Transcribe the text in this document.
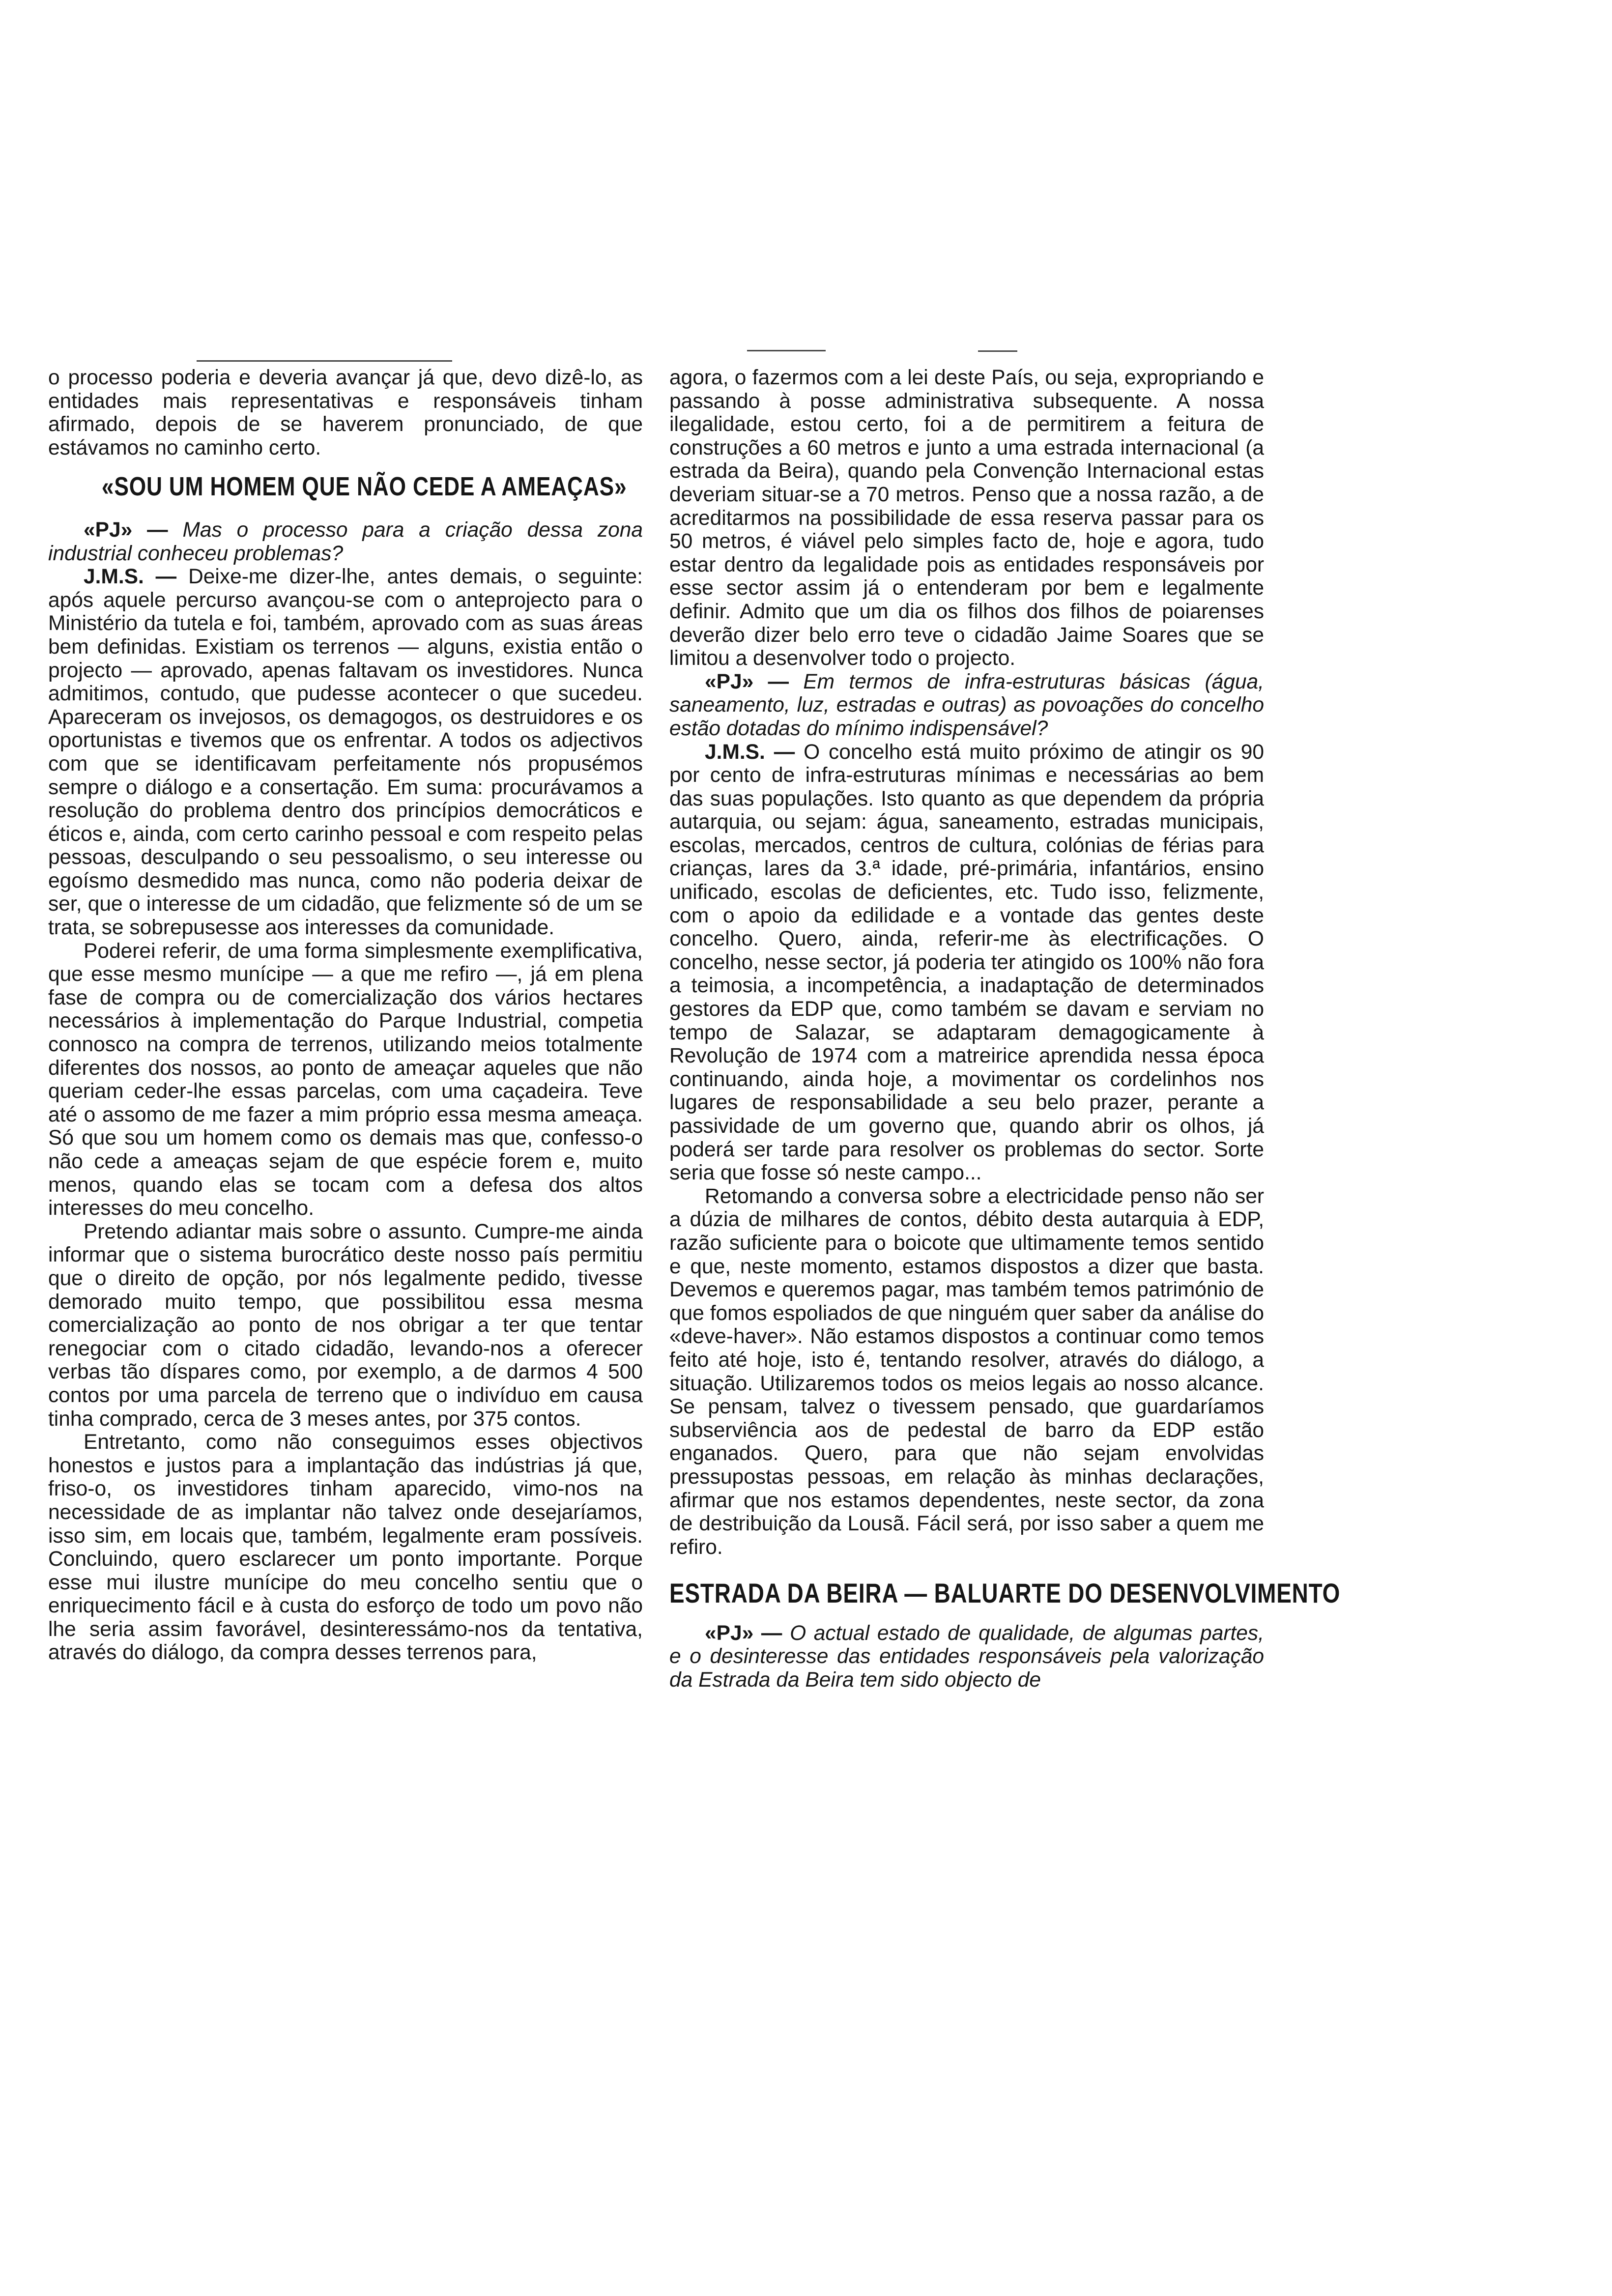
o processo poderia e deveria avançar já que, devo dizê-lo, as entidades mais representativas e responsáveis tinham afirmado, depois de se haverem pronunciado, de que estávamos no caminho certo.

«SOU UM HOMEM QUE NÃO CEDE A AMEAÇAS»

«PJ» — Mas o processo para a criação dessa zona industrial conheceu problemas?

J.M.S. — Deixe-me dizer-lhe, antes demais, o seguinte: após aquele percurso avançou-se com o anteprojecto para o Ministério da tutela e foi, também, aprovado com as suas áreas bem definidas. Existiam os terrenos — alguns, existia então o projecto — aprovado, apenas faltavam os investidores. Nunca admitimos, contudo, que pudesse acontecer o que sucedeu. Apareceram os invejosos, os demagogos, os destruidores e os oportunistas e tivemos que os enfrentar. A todos os adjectivos com que se identificavam perfeitamente nós propusémos sempre o diálogo e a consertação. Em suma: procurávamos a resolução do problema dentro dos princípios democráticos e éticos e, ainda, com certo carinho pessoal e com respeito pelas pessoas, desculpando o seu pessoalismo, o seu interesse ou egoísmo desmedido mas nunca, como não poderia deixar de ser, que o interesse de um cidadão, que felizmente só de um se trata, se sobrepusesse aos interesses da comunidade.

Poderei referir, de uma forma simplesmente exemplificativa, que esse mesmo munícipe — a que me refiro —, já em plena fase de compra ou de comercialização dos vários hectares necessários à implementação do Parque Industrial, competia connosco na compra de terrenos, utilizando meios totalmente diferentes dos nossos, ao ponto de ameaçar aqueles que não queriam ceder-lhe essas parcelas, com uma caçadeira. Teve até o assomo de me fazer a mim próprio essa mesma ameaça. Só que sou um homem como os demais mas que, confesso-o não cede a ameaças sejam de que espécie forem e, muito menos, quando elas se tocam com a defesa dos altos interesses do meu concelho.

Pretendo adiantar mais sobre o assunto. Cumpre-me ainda informar que o sistema burocrático deste nosso país permitiu que o direito de opção, por nós legalmente pedido, tivesse demorado muito tempo, que possibilitou essa mesma comercialização ao ponto de nos obrigar a ter que tentar renegociar com o citado cidadão, levando-nos a oferecer verbas tão díspares como, por exemplo, a de darmos 4 500 contos por uma parcela de terreno que o indivíduo em causa tinha comprado, cerca de 3 meses antes, por 375 contos.

Entretanto, como não conseguimos esses objectivos honestos e justos para a implantação das indústrias já que, friso-o, os investidores tinham aparecido, vimo-nos na necessidade de as implantar não talvez onde desejaríamos, isso sim, em locais que, também, legalmente eram possíveis. Concluindo, quero esclarecer um ponto importante. Porque esse mui ilustre munícipe do meu concelho sentiu que o enriquecimento fácil e à custa do esforço de todo um povo não lhe seria assim favorável, desinteressámo-nos da tentativa, através do diálogo, da compra desses terrenos para,

agora, o fazermos com a lei deste País, ou seja, expropriando e passando à posse administrativa subsequente. A nossa ilegalidade, estou certo, foi a de permitirem a feitura de construções a 60 metros e junto a uma estrada internacional (a estrada da Beira), quando pela Convenção Internacional estas deveriam situar-se a 70 metros. Penso que a nossa razão, a de acreditarmos na possibilidade de essa reserva passar para os 50 metros, é viável pelo simples facto de, hoje e agora, tudo estar dentro da legalidade pois as entidades responsáveis por esse sector assim já o entenderam por bem e legalmente definir. Admito que um dia os filhos dos filhos de poiarenses deverão dizer belo erro teve o cidadão Jaime Soares que se limitou a desenvolver todo o projecto.

«PJ» — Em termos de infra-estruturas básicas (água, saneamento, luz, estradas e outras) as povoações do concelho estão dotadas do mínimo indispensável?

J.M.S. — O concelho está muito próximo de atingir os 90 por cento de infra-estruturas mínimas e necessárias ao bem das suas populações. Isto quanto as que dependem da própria autarquia, ou sejam: água, saneamento, estradas municipais, escolas, mercados, centros de cultura, colónias de férias para crianças, lares da 3.ª idade, pré-primária, infantários, ensino unificado, escolas de deficientes, etc. Tudo isso, felizmente, com o apoio da edilidade e a vontade das gentes deste concelho. Quero, ainda, referir-me às electrificações. O concelho, nesse sector, já poderia ter atingido os 100% não fora a teimosia, a incompetência, a inadaptação de determinados gestores da EDP que, como também se davam e serviam no tempo de Salazar, se adaptaram demagogicamente à Revolução de 1974 com a matreirice aprendida nessa época continuando, ainda hoje, a movimentar os cordelinhos nos lugares de responsabilidade a seu belo prazer, perante a passividade de um governo que, quando abrir os olhos, já poderá ser tarde para resolver os problemas do sector. Sorte seria que fosse só neste campo...

Retomando a conversa sobre a electricidade penso não ser a dúzia de milhares de contos, débito desta autarquia à EDP, razão suficiente para o boicote que ultimamente temos sentido e que, neste momento, estamos dispostos a dizer que basta. Devemos e queremos pagar, mas também temos património de que fomos espoliados de que ninguém quer saber da análise do «deve-haver». Não estamos dispostos a continuar como temos feito até hoje, isto é, tentando resolver, através do diálogo, a situação. Utilizaremos todos os meios legais ao nosso alcance. Se pensam, talvez o tivessem pensado, que guardaríamos subserviência aos de pedestal de barro da EDP estão enganados. Quero, para que não sejam envolvidas pressupostas pessoas, em relação às minhas declarações, afirmar que nos estamos dependentes, neste sector, da zona de destribuição da Lousã. Fácil será, por isso saber a quem me refiro.

ESTRADA DA BEIRA — BALUARTE DO DESENVOLVIMENTO

«PJ» — O actual estado de qualidade, de algumas partes, e o desinteresse das entidades responsáveis pela valorização da Estrada da Beira tem sido objecto de
